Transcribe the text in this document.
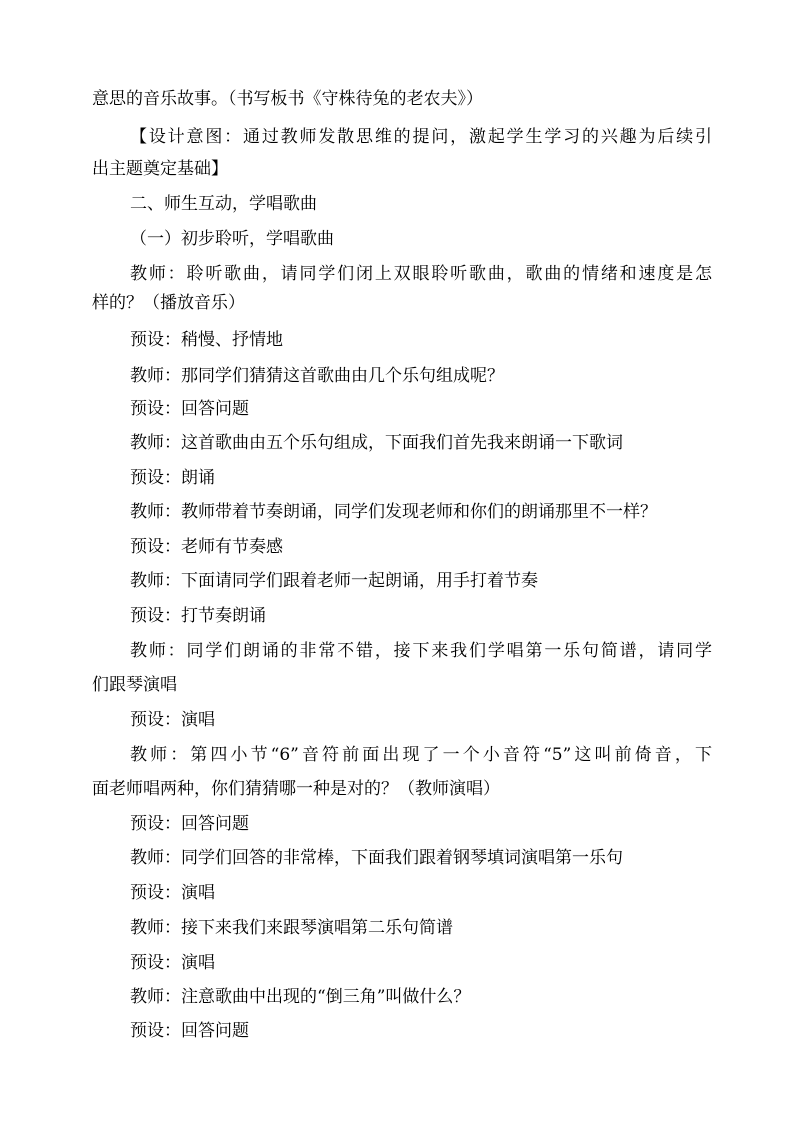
意思的音乐故事。（书写板书《守株待兔的老农夫》）
【设计意图：通过教师发散思维的提问，激起学生学习的兴趣为后续引
出主题奠定基础】
二、师生互动，学唱歌曲
（一）初步聆听，学唱歌曲
教师：聆听歌曲，请同学们闭上双眼聆听歌曲，歌曲的情绪和速度是怎
样的？（播放音乐）
预设：稍慢、抒情地
教师：那同学们猜猜这首歌曲由几个乐句组成呢？
预设：回答问题
教师：这首歌曲由五个乐句组成，下面我们首先我来朗诵一下歌词
预设：朗诵
教师：教师带着节奏朗诵，同学们发现老师和你们的朗诵那里不一样？
预设：老师有节奏感
教师：下面请同学们跟着老师一起朗诵，用手打着节奏
预设：打节奏朗诵
教师：同学们朗诵的非常不错，接下来我们学唱第一乐句简谱，请同学
们跟琴演唱
预设：演唱
教师：第四小节“6”音符前面出现了一个小音符“5”这叫前倚音，下
面老师唱两种，你们猜猜哪一种是对的？（教师演唱）
预设：回答问题
教师：同学们回答的非常棒，下面我们跟着钢琴填词演唱第一乐句
预设：演唱
教师：接下来我们来跟琴演唱第二乐句简谱
预设：演唱
教师：注意歌曲中出现的“倒三角”叫做什么？
预设：回答问题
